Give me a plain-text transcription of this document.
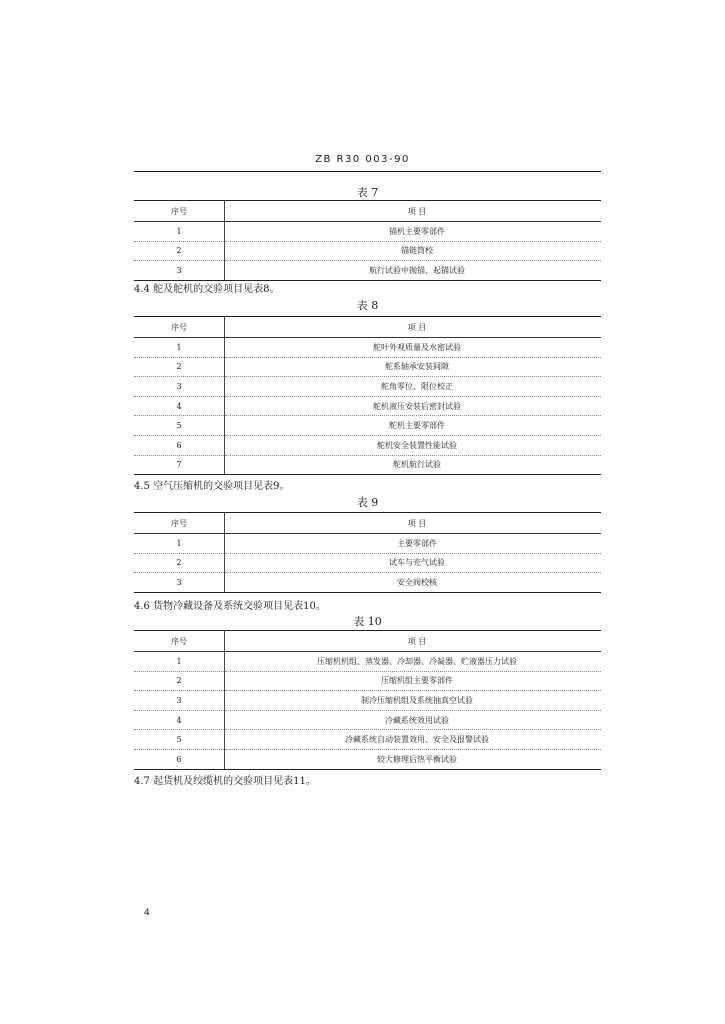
ZB R30 003-90
表 7
序号	项 目
1	锚机主要零部件
2	锚链筒校
3	航行试验中抛锚、起锚试验
4.4 舵及舵机的交验项目见表8。
表 8
序号	项 目
1	舵叶外观质量及水密试验
2	舵系轴承安装间隙
3	舵角零位、限位校正
4	舵机液压安装后密封试验
5	舵机主要零部件
6	舵机安全装置性能试验
7	舵机航行试验
4.5 空气压缩机的交验项目见表9。
表 9
序号	项 目
1	主要零部件
2	试车与充气试验
3	安全阀校核
4.6 货物冷藏设备及系统交验项目见表10。
表 10
序号	项 目
1	压缩机机组、蒸发器、冷却器、冷凝器、贮液器压力试验
2	压缩机组主要零部件
3	制冷压缩机组及系统抽真空试验
4	冷藏系统效用试验
5	冷藏系统自动装置效用、安全及报警试验
6	较大修理后热平衡试验
4.7 起货机及绞缆机的交验项目见表11。
4
